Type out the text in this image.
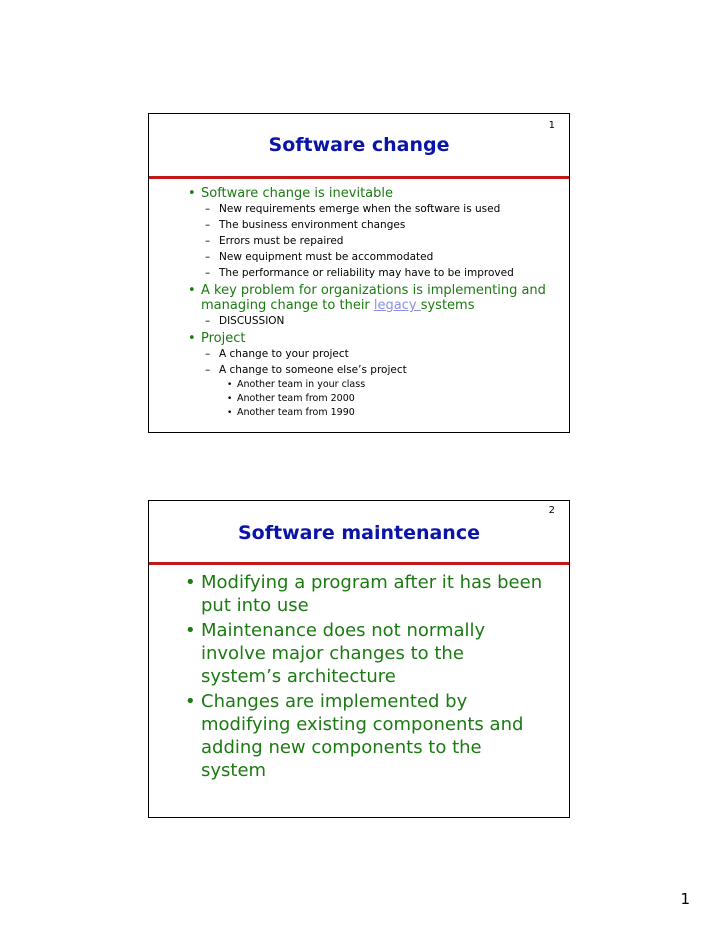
1
Software change
• Software change is inevitable
– New requirements emerge when the software is used
– The business environment changes
– Errors must be repaired
– New equipment must be accommodated
– The performance or reliability may have to be improved
• A key problem for organizations is implementing and managing change to their legacy systems
– DISCUSSION
• Project
– A change to your project
– A change to someone else’s project
• Another team in your class
• Another team from 2000
• Another team from 1990
2
Software maintenance
• Modifying a program after it has been put into use
• Maintenance does not normally involve major changes to the system’s architecture
• Changes are implemented by modifying existing components and adding new components to the system
1
